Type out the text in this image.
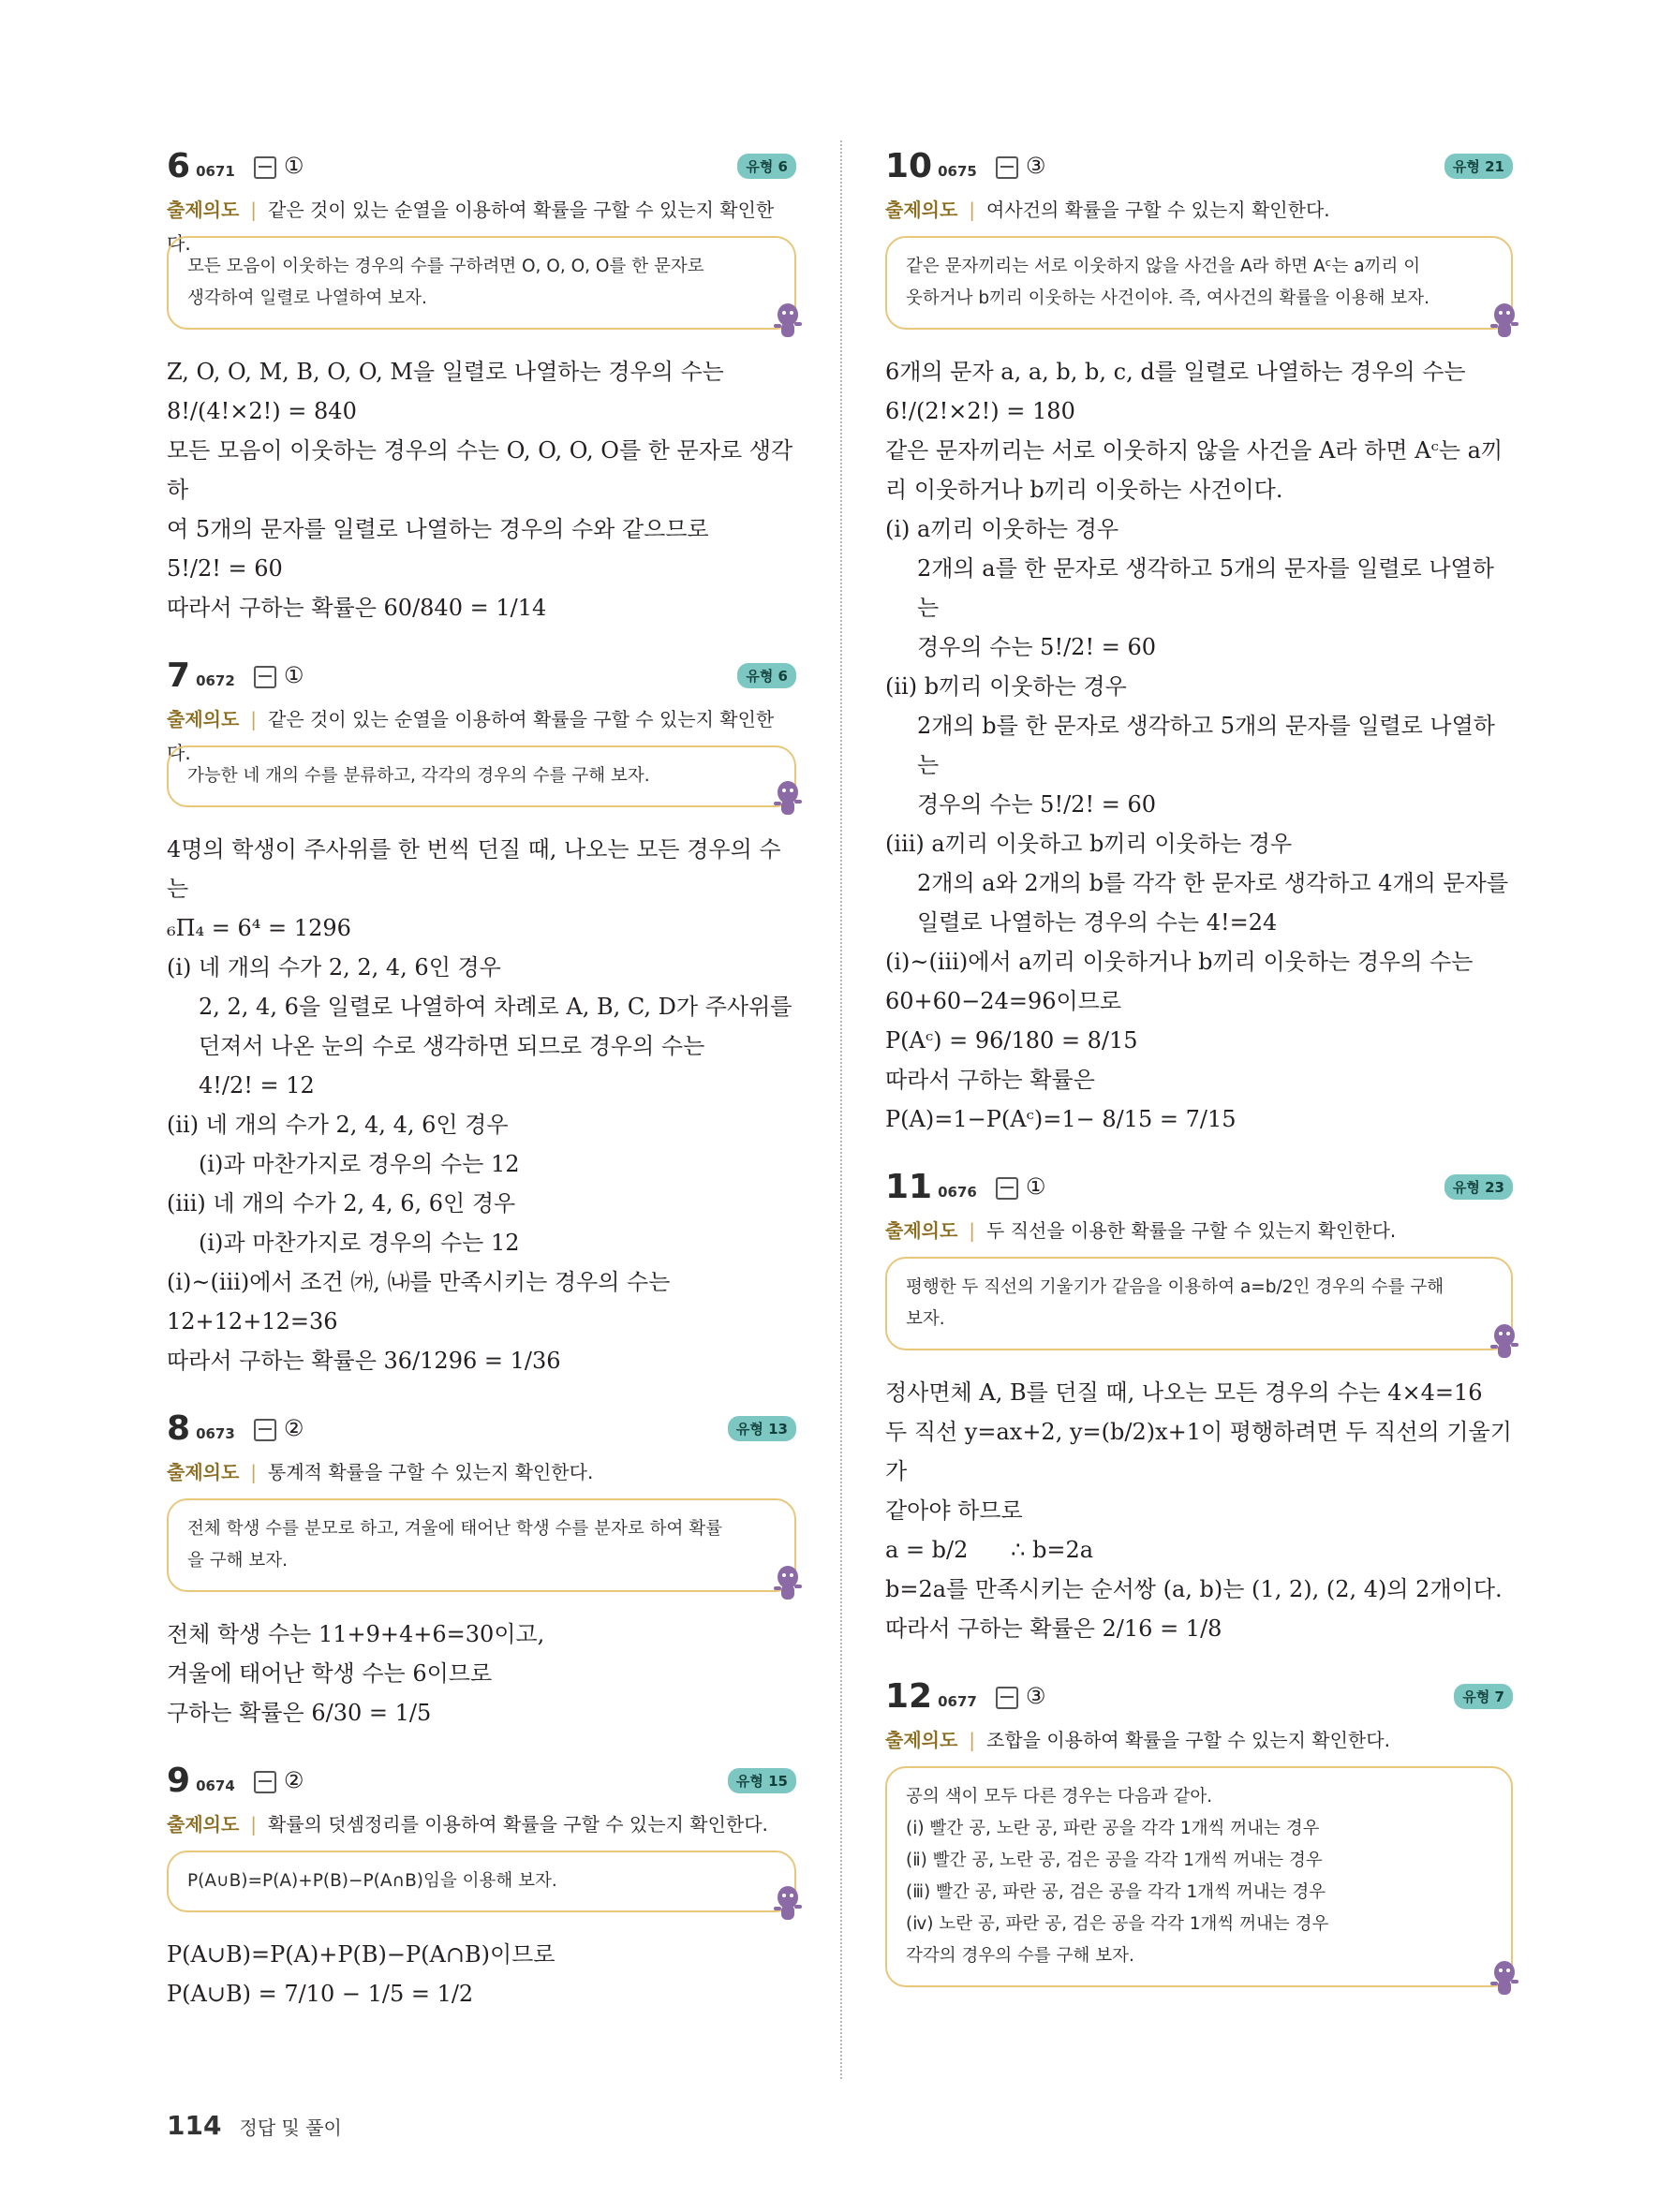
6 0671 ①	유형 6
출제의도 | 같은 것이 있는 순열을 이용하여 확률을 구할 수 있는지 확인한다.
모든 모음이 이웃하는 경우의 수를 구하려면 O, O, O, O를 한 문자로
생각하여 일렬로 나열하여 보자.

Z, O, O, M, B, O, O, M을 일렬로 나열하는 경우의 수는

8!/(4!×2!) = 840

모든 모음이 이웃하는 경우의 수는 O, O, O, O를 한 문자로 생각하

여 5개의 문자를 일렬로 나열하는 경우의 수와 같으므로

5!/2! = 60

따라서 구하는 확률은 60/840 = 1/14

7 0672 ①	유형 6
출제의도 | 같은 것이 있는 순열을 이용하여 확률을 구할 수 있는지 확인한다.
가능한 네 개의 수를 분류하고, 각각의 경우의 수를 구해 보자.

4명의 학생이 주사위를 한 번씩 던질 때, 나오는 모든 경우의 수는

₆Π₄ = 6⁴ = 1296

(ⅰ) 네 개의 수가 2, 2, 4, 6인 경우

2, 2, 4, 6을 일렬로 나열하여 차례로 A, B, C, D가 주사위를

던져서 나온 눈의 수로 생각하면 되므로 경우의 수는

4!/2! = 12

(ⅱ) 네 개의 수가 2, 4, 4, 6인 경우

(ⅰ)과 마찬가지로 경우의 수는 12

(ⅲ) 네 개의 수가 2, 4, 6, 6인 경우

(ⅰ)과 마찬가지로 경우의 수는 12

(ⅰ)~(ⅲ)에서 조건 ㈎, ㈏를 만족시키는 경우의 수는

12+12+12=36

따라서 구하는 확률은 36/1296 = 1/36

8 0673 ②	유형 13
출제의도 | 통계적 확률을 구할 수 있는지 확인한다.
전체 학생 수를 분모로 하고, 겨울에 태어난 학생 수를 분자로 하여 확률
을 구해 보자.

전체 학생 수는 11+9+4+6=30이고,

겨울에 태어난 학생 수는 6이므로

구하는 확률은 6/30 = 1/5

9 0674 ②	유형 15
출제의도 | 확률의 덧셈정리를 이용하여 확률을 구할 수 있는지 확인한다.
P(A∪B)=P(A)+P(B)−P(A∩B)임을 이용해 보자.

P(A∪B)=P(A)+P(B)−P(A∩B)이므로

P(A∪B) = 7/10 − 1/5 = 1/2

10 0675 ③	유형 21
출제의도 | 여사건의 확률을 구할 수 있는지 확인한다.
같은 문자끼리는 서로 이웃하지 않을 사건을 A라 하면 Aᶜ는 a끼리 이
웃하거나 b끼리 이웃하는 사건이야. 즉, 여사건의 확률을 이용해 보자.

6개의 문자 a, a, b, b, c, d를 일렬로 나열하는 경우의 수는

6!/(2!×2!) = 180

같은 문자끼리는 서로 이웃하지 않을 사건을 A라 하면 Aᶜ는 a끼

리 이웃하거나 b끼리 이웃하는 사건이다.

(ⅰ) a끼리 이웃하는 경우

2개의 a를 한 문자로 생각하고 5개의 문자를 일렬로 나열하는

경우의 수는 5!/2! = 60

(ⅱ) b끼리 이웃하는 경우

2개의 b를 한 문자로 생각하고 5개의 문자를 일렬로 나열하는

경우의 수는 5!/2! = 60

(ⅲ) a끼리 이웃하고 b끼리 이웃하는 경우

2개의 a와 2개의 b를 각각 한 문자로 생각하고 4개의 문자를

일렬로 나열하는 경우의 수는 4!=24

(ⅰ)~(ⅲ)에서 a끼리 이웃하거나 b끼리 이웃하는 경우의 수는

60+60−24=96이므로

P(Aᶜ) = 96/180 = 8/15

따라서 구하는 확률은

P(A)=1−P(Aᶜ)=1− 8/15 = 7/15

11 0676 ①	유형 23
출제의도 | 두 직선을 이용한 확률을 구할 수 있는지 확인한다.
평행한 두 직선의 기울기가 같음을 이용하여 a=b/2인 경우의 수를 구해
보자.

정사면체 A, B를 던질 때, 나오는 모든 경우의 수는 4×4=16

두 직선 y=ax+2, y=(b/2)x+1이 평행하려면 두 직선의 기울기가

같아야 하므로

a = b/2      ∴ b=2a

b=2a를 만족시키는 순서쌍 (a, b)는 (1, 2), (2, 4)의 2개이다.

따라서 구하는 확률은 2/16 = 1/8

12 0677 ③	유형 7
출제의도 | 조합을 이용하여 확률을 구할 수 있는지 확인한다.
공의 색이 모두 다른 경우는 다음과 같아.
(ⅰ) 빨간 공, 노란 공, 파란 공을 각각 1개씩 꺼내는 경우
(ⅱ) 빨간 공, 노란 공, 검은 공을 각각 1개씩 꺼내는 경우
(ⅲ) 빨간 공, 파란 공, 검은 공을 각각 1개씩 꺼내는 경우
(ⅳ) 노란 공, 파란 공, 검은 공을 각각 1개씩 꺼내는 경우
각각의 경우의 수를 구해 보자.
114 정답 및 풀이
